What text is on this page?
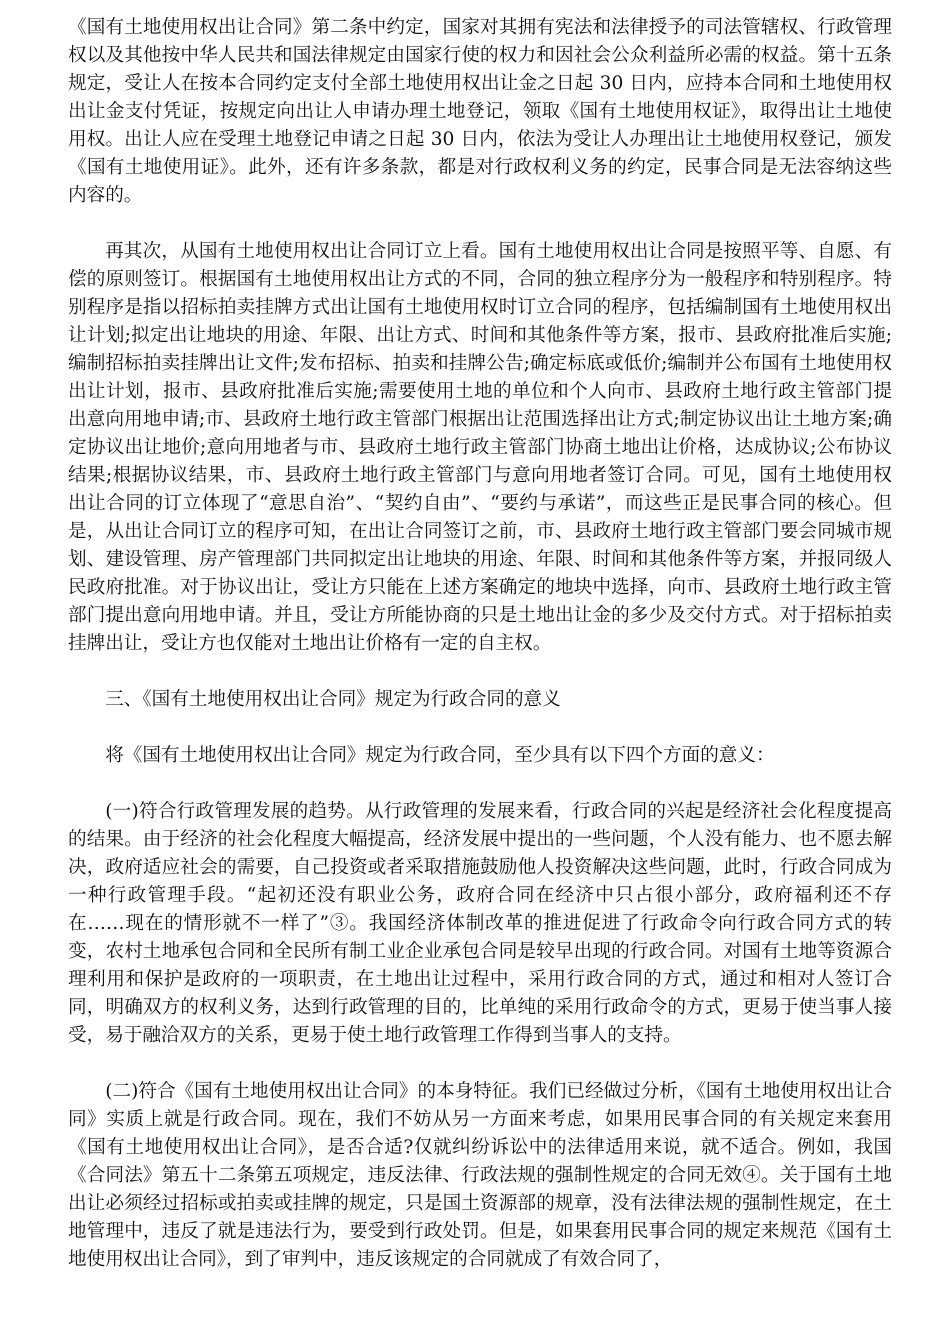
《国有土地使用权出让合同》第二条中约定，国家对其拥有宪法和法律授予的司法管辖权、行政管理权以及其他按中华人民共和国法律规定由国家行使的权力和因社会公众利益所必需的权益。第十五条规定，受让人在按本合同约定支付全部土地使用权出让金之日起 30 日内，应持本合同和土地使用权出让金支付凭证，按规定向出让人申请办理土地登记，领取《国有土地使用权证》，取得出让土地使用权。出让人应在受理土地登记申请之日起 30 日内，依法为受让人办理出让土地使用权登记，颁发《国有土地使用证》。此外，还有许多条款，都是对行政权利义务的约定，民事合同是无法容纳这些内容的。

再其次，从国有土地使用权出让合同订立上看。国有土地使用权出让合同是按照平等、自愿、有偿的原则签订。根据国有土地使用权出让方式的不同，合同的独立程序分为一般程序和特别程序。特别程序是指以招标拍卖挂牌方式出让国有土地使用权时订立合同的程序，包括编制国有土地使用权出让计划;拟定出让地块的用途、年限、出让方式、时间和其他条件等方案，报市、县政府批准后实施;编制招标拍卖挂牌出让文件;发布招标、拍卖和挂牌公告;确定标底或低价;编制并公布国有土地使用权出让计划，报市、县政府批准后实施;需要使用土地的单位和个人向市、县政府土地行政主管部门提出意向用地申请;市、县政府土地行政主管部门根据出让范围选择出让方式;制定协议出让土地方案;确定协议出让地价;意向用地者与市、县政府土地行政主管部门协商土地出让价格，达成协议;公布协议结果;根据协议结果，市、县政府土地行政主管部门与意向用地者签订合同。可见，国有土地使用权出让合同的订立体现了“意思自治”、“契约自由”、“要约与承诺”，而这些正是民事合同的核心。但是，从出让合同订立的程序可知，在出让合同签订之前，市、县政府土地行政主管部门要会同城市规划、建设管理、房产管理部门共同拟定出让地块的用途、年限、时间和其他条件等方案，并报同级人民政府批准。对于协议出让，受让方只能在上述方案确定的地块中选择，向市、县政府土地行政主管部门提出意向用地申请。并且，受让方所能协商的只是土地出让金的多少及交付方式。对于招标拍卖挂牌出让，受让方也仅能对土地出让价格有一定的自主权。

三、《国有土地使用权出让合同》规定为行政合同的意义

将《国有土地使用权出让合同》规定为行政合同，至少具有以下四个方面的意义：

(一)符合行政管理发展的趋势。从行政管理的发展来看，行政合同的兴起是经济社会化程度提高的结果。由于经济的社会化程度大幅提高，经济发展中提出的一些问题，个人没有能力、也不愿去解决，政府适应社会的需要，自己投资或者采取措施鼓励他人投资解决这些问题，此时，行政合同成为一种行政管理手段。“起初还没有职业公务，政府合同在经济中只占很小部分，政府福利还不存在……现在的情形就不一样了”③。我国经济体制改革的推进促进了行政命令向行政合同方式的转变，农村土地承包合同和全民所有制工业企业承包合同是较早出现的行政合同。对国有土地等资源合理利用和保护是政府的一项职责，在土地出让过程中，采用行政合同的方式，通过和相对人签订合同，明确双方的权利义务，达到行政管理的目的，比单纯的采用行政命令的方式，更易于使当事人接受，易于融洽双方的关系，更易于使土地行政管理工作得到当事人的支持。

(二)符合《国有土地使用权出让合同》的本身特征。我们已经做过分析，《国有土地使用权出让合同》实质上就是行政合同。现在，我们不妨从另一方面来考虑，如果用民事合同的有关规定来套用《国有土地使用权出让合同》，是否合适?仅就纠纷诉讼中的法律适用来说，就不适合。例如，我国《合同法》第五十二条第五项规定，违反法律、行政法规的强制性规定的合同无效④。关于国有土地出让必须经过招标或拍卖或挂牌的规定，只是国土资源部的规章，没有法律法规的强制性规定，在土地管理中，违反了就是违法行为，要受到行政处罚。但是，如果套用民事合同的规定来规范《国有土地使用权出让合同》，到了审判中，违反该规定的合同就成了有效合同了，
